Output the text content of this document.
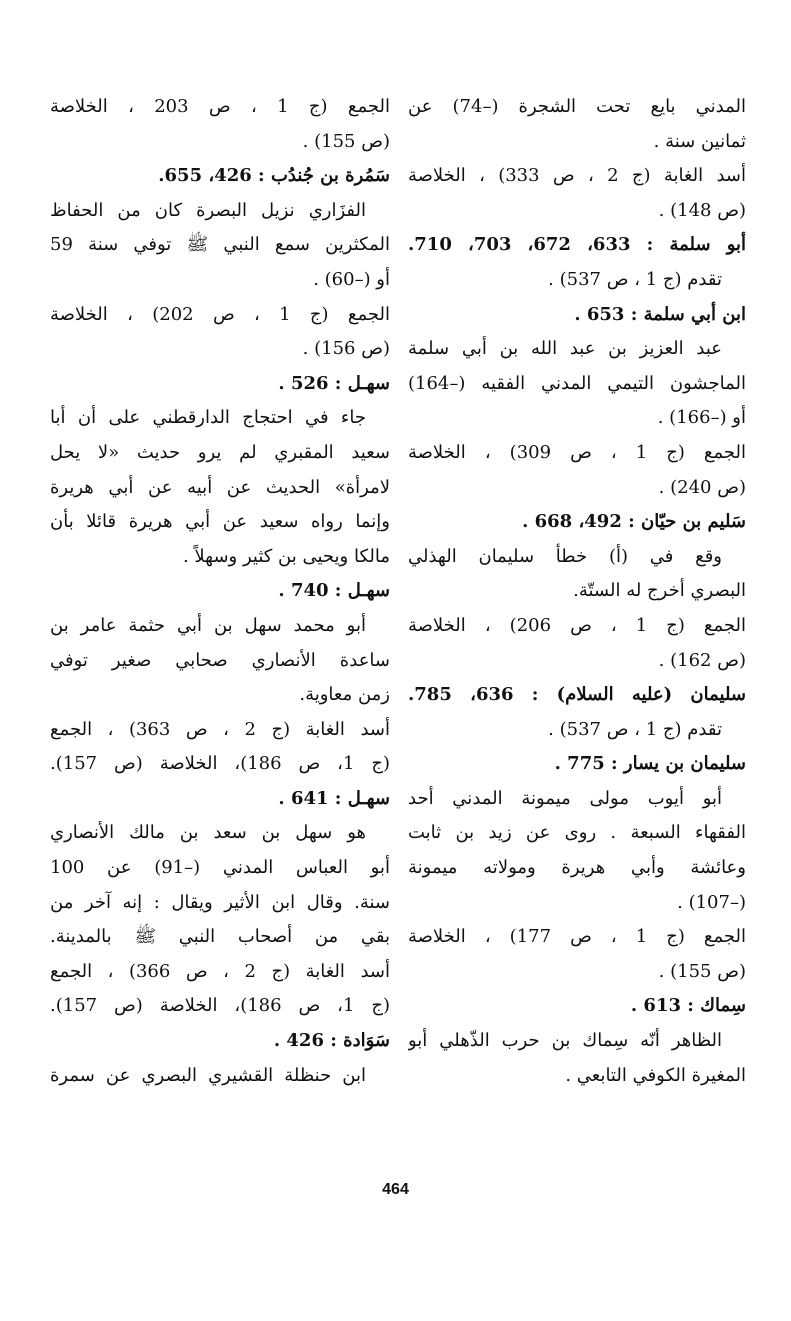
المدني بايع تحت الشجرة (–74) عن
ثمانين سنة .
أسد الغابة (ج 2 ، ص 333) ، الخلاصة
(ص 148) .
أبو سلمة : 633، 672، 703، 710.
تقدم (ج 1 ، ص 537) .
ابن أبي سلمة : 653 .
عبد العزيز بن عبد الله بن أبي سلمة
الماجشون التيمي المدني الفقيه (–164)
أو (–166) .
الجمع (ج 1 ، ص 309) ، الخلاصة
(ص 240) .
سَليم بن حيّان : 492، 668 .
وقع في (أ) خطأ سليمان الهذلي
البصري أخرج له الستّة.
الجمع (ج 1 ، ص 206) ، الخلاصة
(ص 162) .
سليمان (عليه السلام) : 636، 785.
تقدم (ج 1 ، ص 537) .
سليمان بن يسار : 775 .
أبو أيوب مولى ميمونة المدني أحد
الفقهاء السبعة . روى عن زيد بن ثابت
وعائشة وأبي هريرة ومولاته ميمونة
(–107) .
الجمع (ج 1 ، ص 177) ، الخلاصة
(ص 155) .
سِماك : 613 .
الظاهر أنّه سِماك بن حرب الذّهلي أبو
المغيرة الكوفي التابعي .
الجمع (ج 1 ، ص 203 ، الخلاصة
(ص 155) .
سَمُرة بن جُندُب : 426، 655.
الفزَاري نزيل البصرة كان من الحفاظ
المكثرين سمع النبي ﷺ توفي سنة 59
أو (–60) .
الجمع (ج 1 ، ص 202) ، الخلاصة
(ص 156) .
سهـل : 526 .
جاء في احتجاج الدارقطني على أن أبا
سعيد المقبري لم يرو حديث «لا يحل
لامرأة» الحديث عن أبيه عن أبي هريرة
وإنما رواه سعيد عن أبي هريرة قائلا بأن
مالكا ويحيى بن كثير وسهلاً .
سهـل : 740 .
أبو محمد سهل بن أبي حثمة عامر بن
ساعدة الأنصاري صحابي صغير توفي
زمن معاوية.
أسد الغابة (ج 2 ، ص 363) ، الجمع
(ج 1، ص 186)، الخلاصة (ص 157).
سهـل : 641 .
هو سهل بن سعد بن مالك الأنصاري
أبو العباس المدني (–91) عن 100
سنة. وقال ابن الأثير ويقال : إنه آخر من
بقي من أصحاب النبي ﷺ بالمدينة.
أسد الغابة (ج 2 ، ص 366) ، الجمع
(ج 1، ص 186)، الخلاصة (ص 157).
سَوَادة : 426 .
ابن حنظلة القشيري البصري عن سمرة
464
